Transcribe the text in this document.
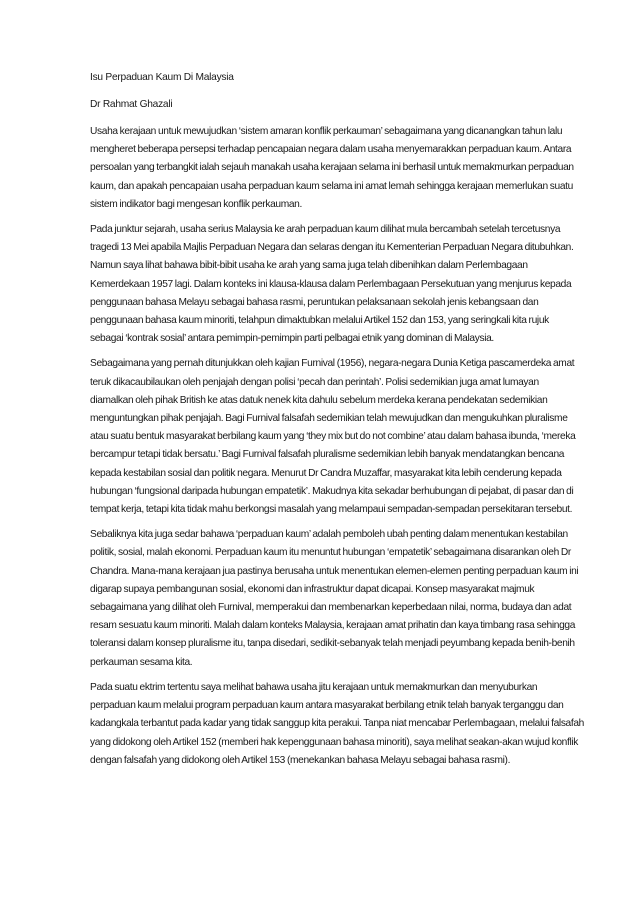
Isu Perpaduan Kaum Di Malaysia
Dr Rahmat Ghazali

Usaha kerajaan untuk mewujudkan ‘sistem amaran konflik perkauman’ sebagaimana yang dicanangkan tahun lalu mengheret beberapa persepsi terhadap pencapaian negara dalam usaha menyemarakkan perpaduan kaum. Antara persoalan yang terbangkit ialah sejauh manakah usaha kerajaan selama ini berhasil untuk memakmurkan perpaduan kaum, dan apakah pencapaian usaha perpaduan kaum selama ini amat lemah sehingga kerajaan memerlukan suatu sistem indikator bagi mengesan konflik perkauman.

Pada junktur sejarah, usaha serius Malaysia ke arah perpaduan kaum dilihat mula bercambah setelah tercetusnya tragedi 13 Mei apabila Majlis Perpaduan Negara dan selaras dengan itu Kementerian Perpaduan Negara ditubuhkan. Namun saya lihat bahawa bibit-bibit usaha ke arah yang sama juga telah dibenihkan dalam Perlembagaan Kemerdekaan 1957 lagi. Dalam konteks ini klausa-klausa dalam Perlembagaan Persekutuan yang menjurus kepada penggunaan bahasa Melayu sebagai bahasa rasmi, peruntukan pelaksanaan sekolah jenis kebangsaan dan penggunaan bahasa kaum minoriti, telahpun dimaktubkan melalui Artikel 152 dan 153, yang seringkali kita rujuk sebagai ‘kontrak sosial’ antara pemimpin-pemimpin parti pelbagai etnik yang dominan di Malaysia.

Sebagaimana yang pernah ditunjukkan oleh kajian Furnival (1956), negara-negara Dunia Ketiga pascamerdeka amat teruk dikacaubilaukan oleh penjajah dengan polisi ‘pecah dan perintah’. Polisi sedemikian juga amat lumayan diamalkan oleh pihak British ke atas datuk nenek kita dahulu sebelum merdeka kerana pendekatan sedemikian menguntungkan pihak penjajah. Bagi Furnival falsafah sedemikian telah mewujudkan dan mengukuhkan pluralisme atau suatu bentuk masyarakat berbilang kaum yang ‘they mix but do not combine’ atau dalam bahasa ibunda, ‘mereka bercampur tetapi tidak bersatu.’ Bagi Furnival falsafah pluralisme sedemikian lebih banyak mendatangkan bencana kepada kestabilan sosial dan politik negara. Menurut Dr Candra Muzaffar, masyarakat kita lebih cenderung kepada hubungan ‘fungsional daripada hubungan empatetik’. Makudnya kita sekadar berhubungan di pejabat, di pasar dan di tempat kerja, tetapi kita tidak mahu berkongsi masalah yang melampaui sempadan-sempadan persekitaran tersebut.

Sebaliknya kita juga sedar bahawa ‘perpaduan kaum’ adalah pemboleh ubah penting dalam menentukan kestabilan politik, sosial, malah ekonomi. Perpaduan kaum itu menuntut hubungan ‘empatetik’ sebagaimana disarankan oleh Dr Chandra. Mana-mana kerajaan jua pastinya berusaha untuk menentukan elemen-elemen penting perpaduan kaum ini digarap supaya pembangunan sosial, ekonomi dan infrastruktur dapat dicapai. Konsep masyarakat majmuk sebagaimana yang dilihat oleh Furnival, memperakui dan membenarkan keperbedaan nilai, norma, budaya dan adat resam sesuatu kaum minoriti. Malah dalam konteks Malaysia, kerajaan amat prihatin dan kaya timbang rasa sehingga toleransi dalam konsep pluralisme itu, tanpa disedari, sedikit-sebanyak telah menjadi peyumbang kepada benih-benih perkauman sesama kita.

Pada suatu ektrim tertentu saya melihat bahawa usaha jitu kerajaan untuk memakmurkan dan menyuburkan perpaduan kaum melalui program perpaduan kaum antara masyarakat berbilang etnik telah banyak terganggu dan kadangkala terbantut pada kadar yang tidak sanggup kita perakui. Tanpa niat mencabar Perlembagaan, melalui falsafah yang didokong oleh Artikel 152 (memberi hak kepenggunaan bahasa minoriti), saya melihat seakan-akan wujud konflik dengan falsafah yang didokong oleh Artikel 153 (menekankan bahasa Melayu sebagai bahasa rasmi).
